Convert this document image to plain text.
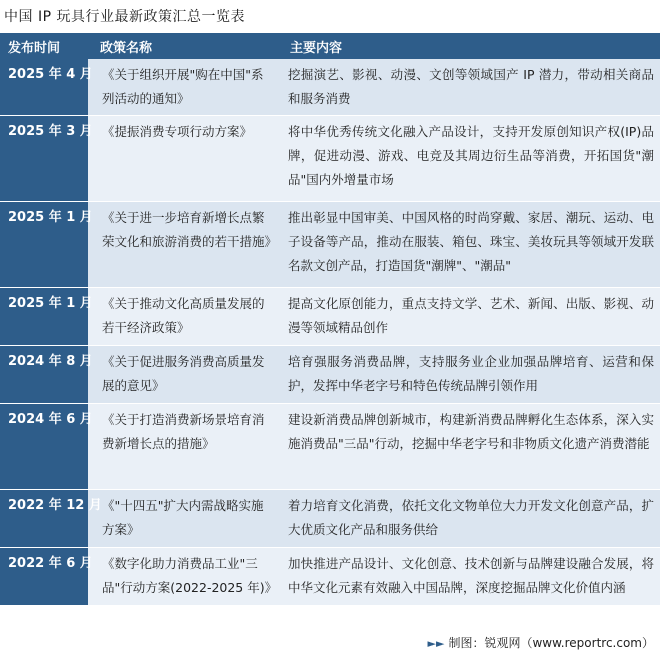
中国 IP 玩具行业最新政策汇总一览表
发布时间	政策名称	主要内容
2025 年 4 月	《关于组织开展"购在中国"系列活动的通知》	挖掘演艺、影视、动漫、文创等领域国产 IP 潜力，带动相关商品和服务消费
2025 年 3 月	《提振消费专项行动方案》	将中华优秀传统文化融入产品设计，支持开发原创知识产权(IP)品牌，促进动漫、游戏、电竞及其周边衍生品等消费，开拓国货"潮品"国内外增量市场
2025 年 1 月	《关于进一步培育新增长点繁荣文化和旅游消费的若干措施》	推出彰显中国审美、中国风格的时尚穿戴、家居、潮玩、运动、电子设备等产品，推动在服装、箱包、珠宝、美妆玩具等领域开发联名款文创产品，打造国货"潮牌"、"潮品"
2025 年 1 月	《关于推动文化高质量发展的若干经济政策》	提高文化原创能力，重点支持文学、艺术、新闻、出版、影视、动漫等领域精品创作
2024 年 8 月	《关于促进服务消费高质量发展的意见》	培育强服务消费品牌，支持服务业企业加强品牌培育、运营和保护，发挥中华老字号和特色传统品牌引领作用
2024 年 6 月	《关于打造消费新场景培育消费新增长点的措施》	建设新消费品牌创新城市，构建新消费品牌孵化生态体系，深入实施消费品"三品"行动，挖掘中华老字号和非物质文化遗产消费潜能
2022 年 12 月	《"十四五"扩大内需战略实施方案》	着力培育文化消费，依托文化文物单位大力开发文化创意产品，扩大优质文化产品和服务供给
2022 年 6 月	《数字化助力消费品工业"三品"行动方案(2022-2025 年)》	加快推进产品设计、文化创意、技术创新与品牌建设融合发展，将中华文化元素有效融入中国品牌，深度挖掘品牌文化价值内涵
►► 制图：锐观网（www.reportrc.com）
